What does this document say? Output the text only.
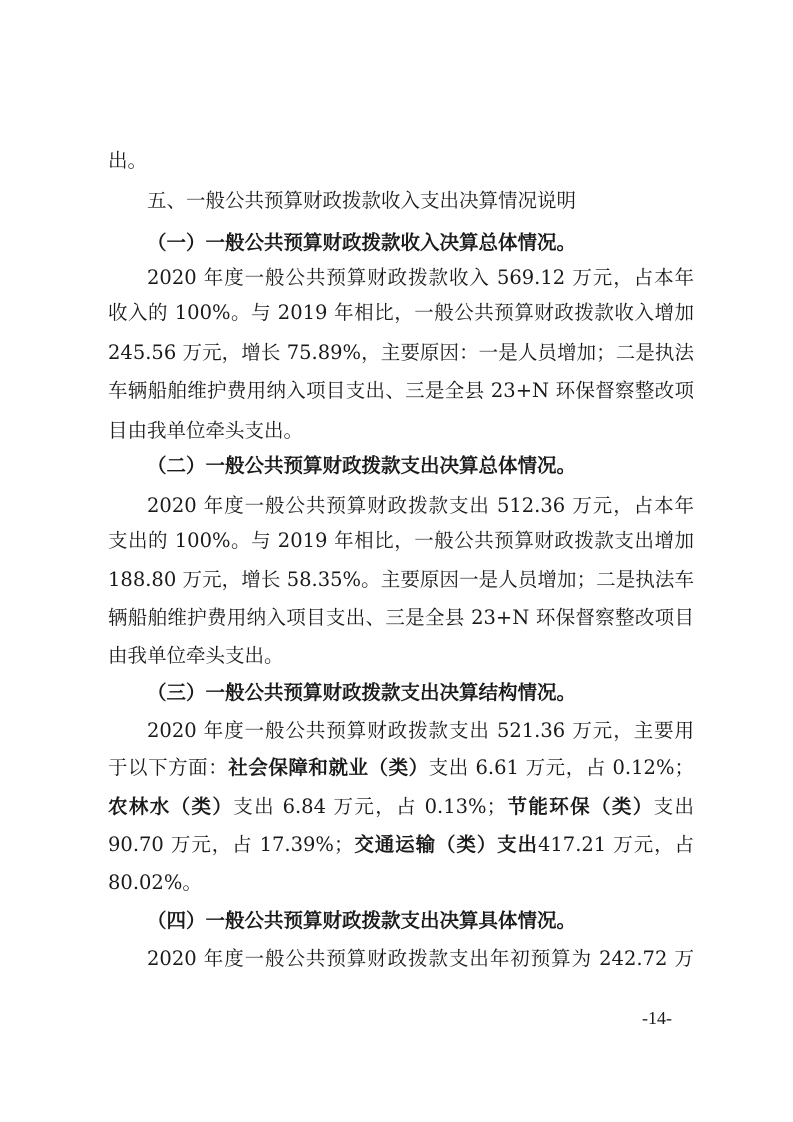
出。
五、一般公共预算财政拨款收入支出决算情况说明
（一）一般公共预算财政拨款收入决算总体情况。
2020 年度一般公共预算财政拨款收入 569.12 万元，占本年
收入的 100%。与 2019 年相比，一般公共预算财政拨款收入增加
245.56 万元，增长 75.89%，主要原因：一是人员增加；二是执法
车辆船舶维护费用纳入项目支出、三是全县 23+N 环保督察整改项
目由我单位牵头支出。
（二）一般公共预算财政拨款支出决算总体情况。
2020 年度一般公共预算财政拨款支出 512.36 万元，占本年
支出的 100%。与 2019 年相比，一般公共预算财政拨款支出增加
188.80 万元，增长 58.35%。主要原因一是人员增加；二是执法车
辆船舶维护费用纳入项目支出、三是全县 23+N 环保督察整改项目
由我单位牵头支出。
（三）一般公共预算财政拨款支出决算结构情况。
2020 年度一般公共预算财政拨款支出 521.36 万元，主要用
于以下方面：社会保障和就业（类）支出 6.61 万元，占 0.12%；
农林水（类）支出 6.84 万元，占 0.13%；节能环保（类）支出
90.70 万元，占 17.39%；交通运输（类）支出417.21 万元，占
80.02%。
（四）一般公共预算财政拨款支出决算具体情况。
2020 年度一般公共预算财政拨款支出年初预算为 242.72 万
-14-
